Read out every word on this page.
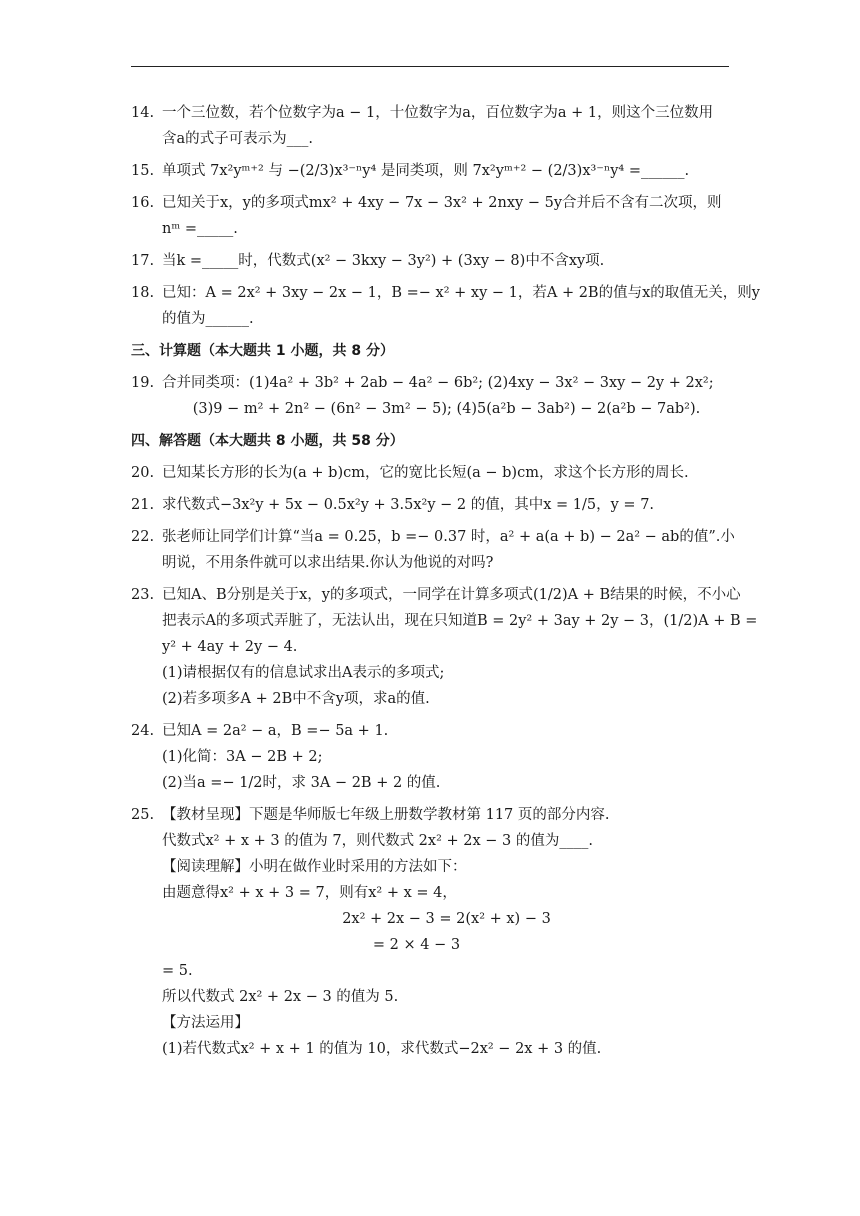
14. 一个三位数，若个位数字为a − 1，十位数字为a，百位数字为a + 1，则这个三位数用
含a的式子可表示为___.
15. 单项式 7x²yᵐ⁺² 与 −(2/3)x³⁻ⁿy⁴ 是同类项，则 7x²yᵐ⁺² − (2/3)x³⁻ⁿy⁴ =______.
16. 已知关于x，y的多项式mx² + 4xy − 7x − 3x² + 2nxy − 5y合并后不含有二次项，则
nᵐ =_____.
17. 当k =_____时，代数式(x² − 3kxy − 3y²) + (3xy − 8)中不含xy项.
18. 已知：A = 2x² + 3xy − 2x − 1，B =− x² + xy − 1，若A + 2B的值与x的取值无关，则y
的值为______.
三、计算题（本大题共 1 小题，共 8 分）
19. 合并同类项：(1)4a² + 3b² + 2ab − 4a² − 6b²; (2)4xy − 3x² − 3xy − 2y + 2x²;
(3)9 − m² + 2n² − (6n² − 3m² − 5); (4)5(a²b − 3ab²) − 2(a²b − 7ab²).
四、解答题（本大题共 8 小题，共 58 分）
20. 已知某长方形的长为(a + b)cm，它的宽比长短(a − b)cm，求这个长方形的周长.
21. 求代数式−3x²y + 5x − 0.5x²y + 3.5x²y − 2 的值，其中x = 1/5，y = 7.
22. 张老师让同学们计算“当a = 0.25，b =− 0.37 时，a² + a(a + b) − 2a² − ab的值”.小
明说，不用条件就可以求出结果.你认为他说的对吗?
23. 已知A、B分别是关于x，y的多项式，一同学在计算多项式(1/2)A + B结果的时候，不小心
把表示A的多项式弄脏了，无法认出，现在只知道B = 2y² + 3ay + 2y − 3，(1/2)A + B =
y² + 4ay + 2y − 4.
(1)请根据仅有的信息试求出A表示的多项式;
(2)若多项多A + 2B中不含y项，求a的值.
24. 已知A = 2a² − a，B =− 5a + 1.
(1)化简：3A − 2B + 2;
(2)当a =− 1/2时，求 3A − 2B + 2 的值.
25. 【教材呈现】下题是华师版七年级上册数学教材第 117 页的部分内容.
代数式x² + x + 3 的值为 7，则代数式 2x² + 2x − 3 的值为____.
【阅读理解】小明在做作业时采用的方法如下：
由题意得x² + x + 3 = 7，则有x² + x = 4，
2x² + 2x − 3 = 2(x² + x) − 3
= 2 × 4 − 3
= 5.
所以代数式 2x² + 2x − 3 的值为 5.
【方法运用】
(1)若代数式x² + x + 1 的值为 10，求代数式−2x² − 2x + 3 的值.
